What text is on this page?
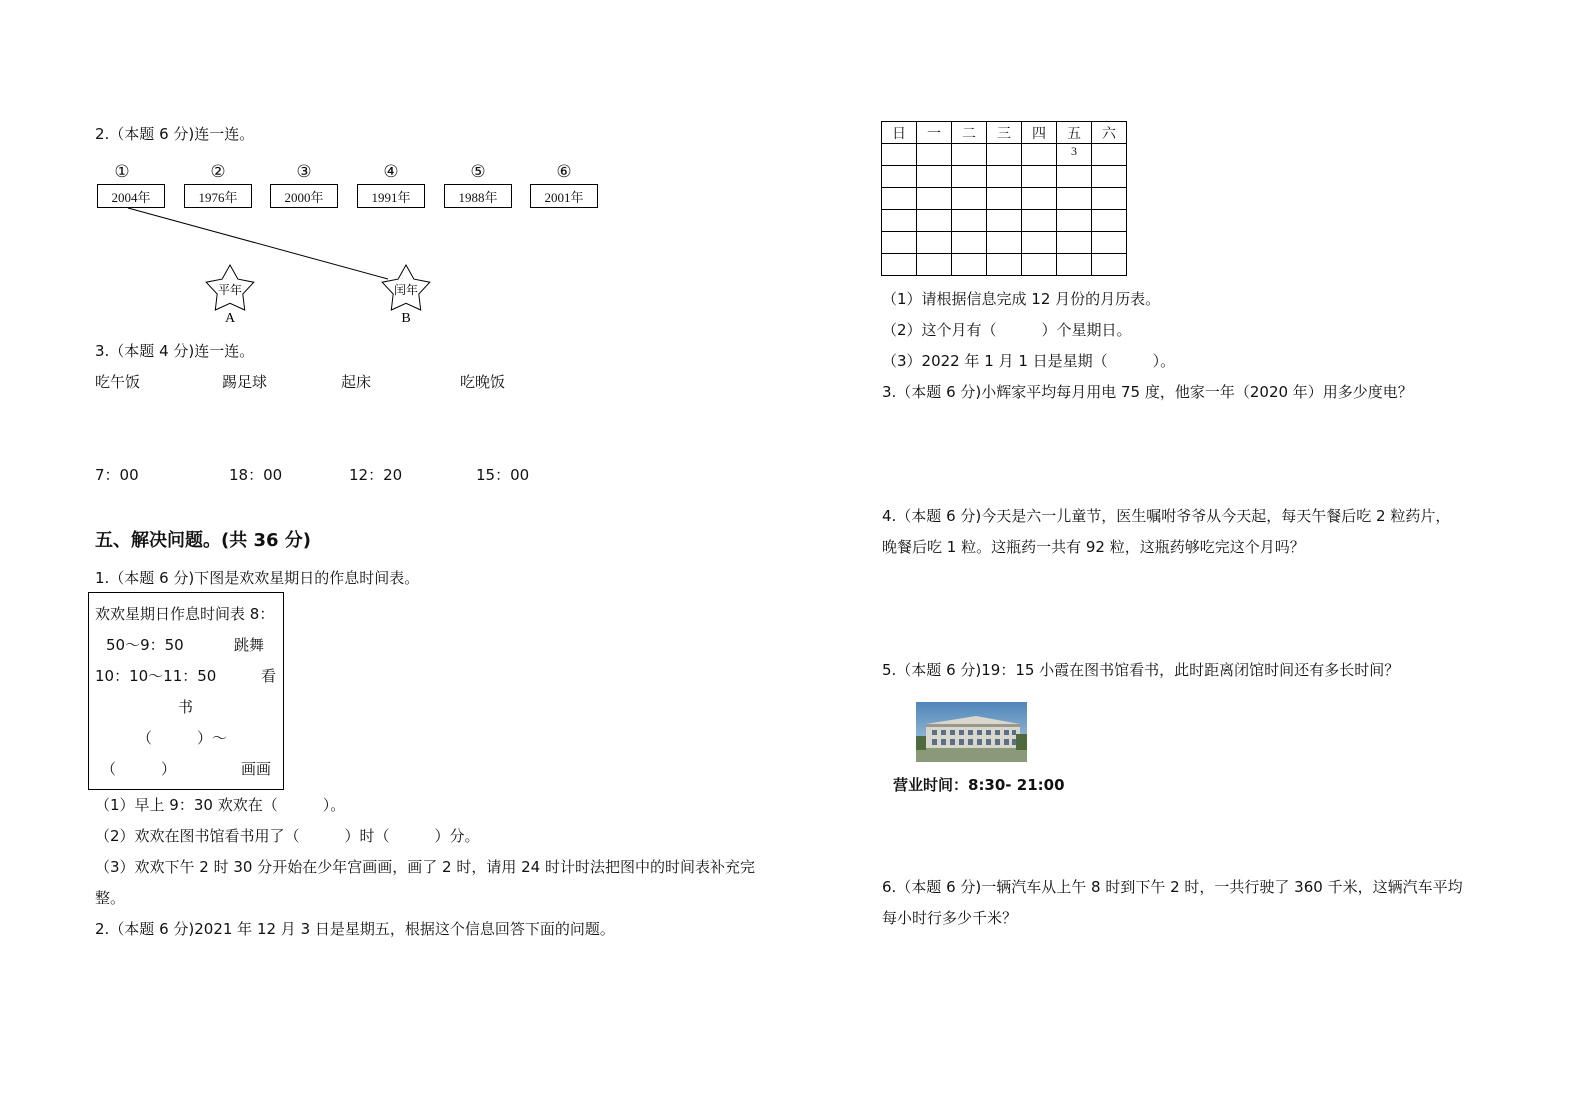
2.（本题 6 分)连一连。
①	②	③	④	⑤	⑥
2004年	1976年	2000年	1991年	1988年	2001年
平年	闰年
A	B
3.（本题 4 分)连一连。
吃午饭	踢足球	起床	吃晚饭
7：00	18：00	12：20	15：00
五、解决问题。(共 36 分)
1.（本题 6 分)下图是欢欢星期日的作息时间表。
欢欢星期日作息时间表 8：
50～9：50	跳舞
10：10～11：50	看
书
（　　　）～
（　　　）	画画
（1）早上 9：30 欢欢在（　　　）。
（2）欢欢在图书馆看书用了（　　　）时（　　　）分。
（3）欢欢下午 2 时 30 分开始在少年宫画画，画了 2 时，请用 24 时计时法把图中的时间表补充完
整。
2.（本题 6 分)2021 年 12 月 3 日是星期五，根据这个信息回答下面的问题。
日	一	二	三	四	五	六
					3	

（1）请根据信息完成 12 月份的月历表。
（2）这个月有（　　　）个星期日。
（3）2022 年 1 月 1 日是星期（　　　）。
3.（本题 6 分)小辉家平均每月用电 75 度，他家一年（2020 年）用多少度电？
4.（本题 6 分)今天是六一儿童节，医生嘱咐爷爷从今天起，每天午餐后吃 2 粒药片，
晚餐后吃 1 粒。这瓶药一共有 92 粒，这瓶药够吃完这个月吗？
5.（本题 6 分)19：15 小霞在图书馆看书，此时距离闭馆时间还有多长时间？
营业时间：8:30- 21:00
6.（本题 6 分)一辆汽车从上午 8 时到下午 2 时，一共行驶了 360 千米，这辆汽车平均
每小时行多少千米？
